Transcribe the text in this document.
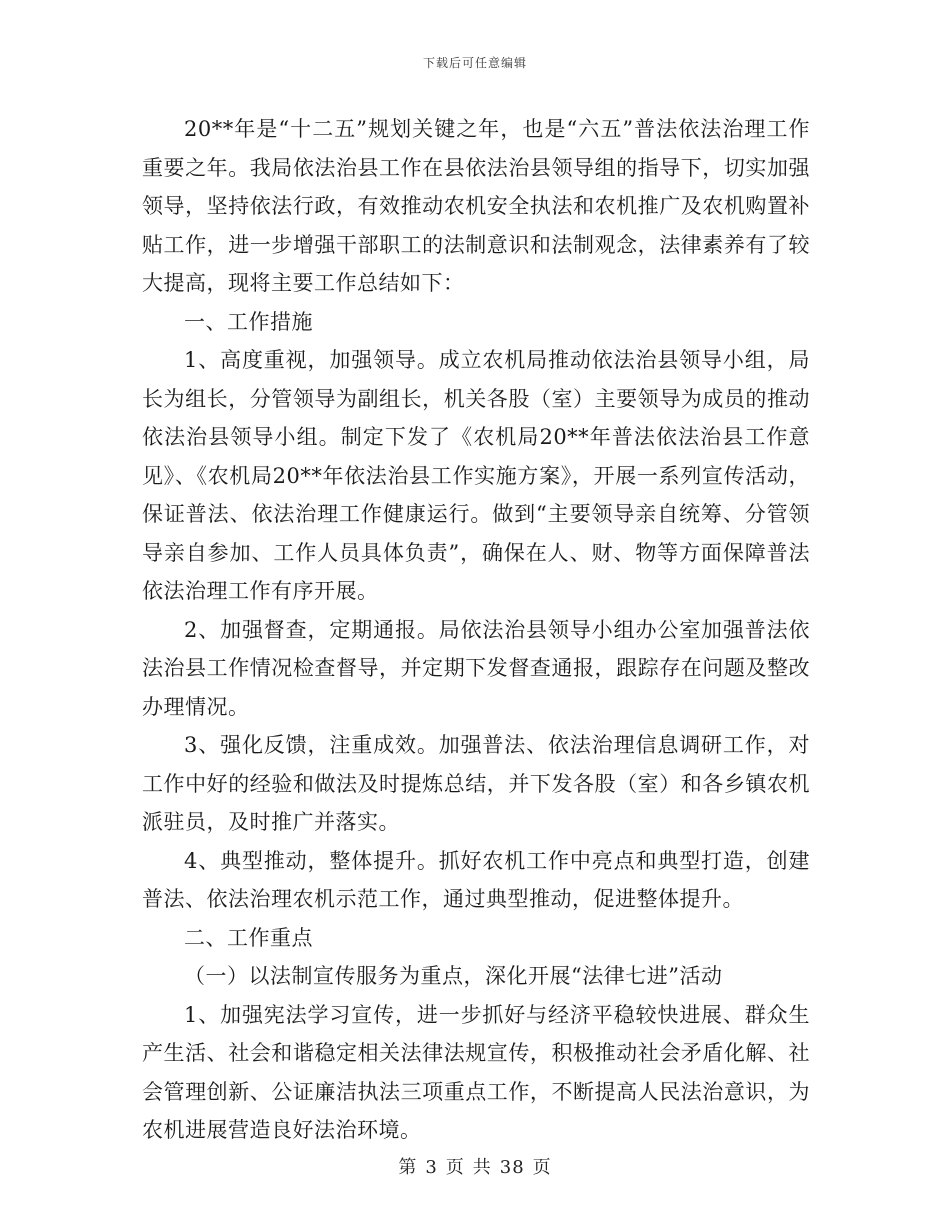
下载后可任意编辑

20**年是“十二五”规划关键之年，也是“六五”普法依法治理工作重要之年。我局依法治县工作在县依法治县领导组的指导下，切实加强领导，坚持依法行政，有效推动农机安全执法和农机推广及农机购置补贴工作，进一步增强干部职工的法制意识和法制观念，法律素养有了较大提高，现将主要工作总结如下：

一、工作措施

1、高度重视，加强领导。成立农机局推动依法治县领导小组，局长为组长，分管领导为副组长，机关各股（室）主要领导为成员的推动依法治县领导小组。制定下发了《农机局20**年普法依法治县工作意见》、《农机局20**年依法治县工作实施方案》，开展一系列宣传活动，保证普法、依法治理工作健康运行。做到“主要领导亲自统筹、分管领导亲自参加、工作人员具体负责”，确保在人、财、物等方面保障普法依法治理工作有序开展。

2、加强督查，定期通报。局依法治县领导小组办公室加强普法依法治县工作情况检查督导，并定期下发督查通报，跟踪存在问题及整改办理情况。

3、强化反馈，注重成效。加强普法、依法治理信息调研工作，对工作中好的经验和做法及时提炼总结，并下发各股（室）和各乡镇农机派驻员，及时推广并落实。

4、典型推动，整体提升。抓好农机工作中亮点和典型打造，创建普法、依法治理农机示范工作，通过典型推动，促进整体提升。

二、工作重点

（一）以法制宣传服务为重点，深化开展“法律七进”活动

1、加强宪法学习宣传，进一步抓好与经济平稳较快进展、群众生产生活、社会和谐稳定相关法律法规宣传，积极推动社会矛盾化解、社会管理创新、公证廉洁执法三项重点工作，不断提高人民法治意识，为农机进展营造良好法治环境。

第 3 页 共 38 页
